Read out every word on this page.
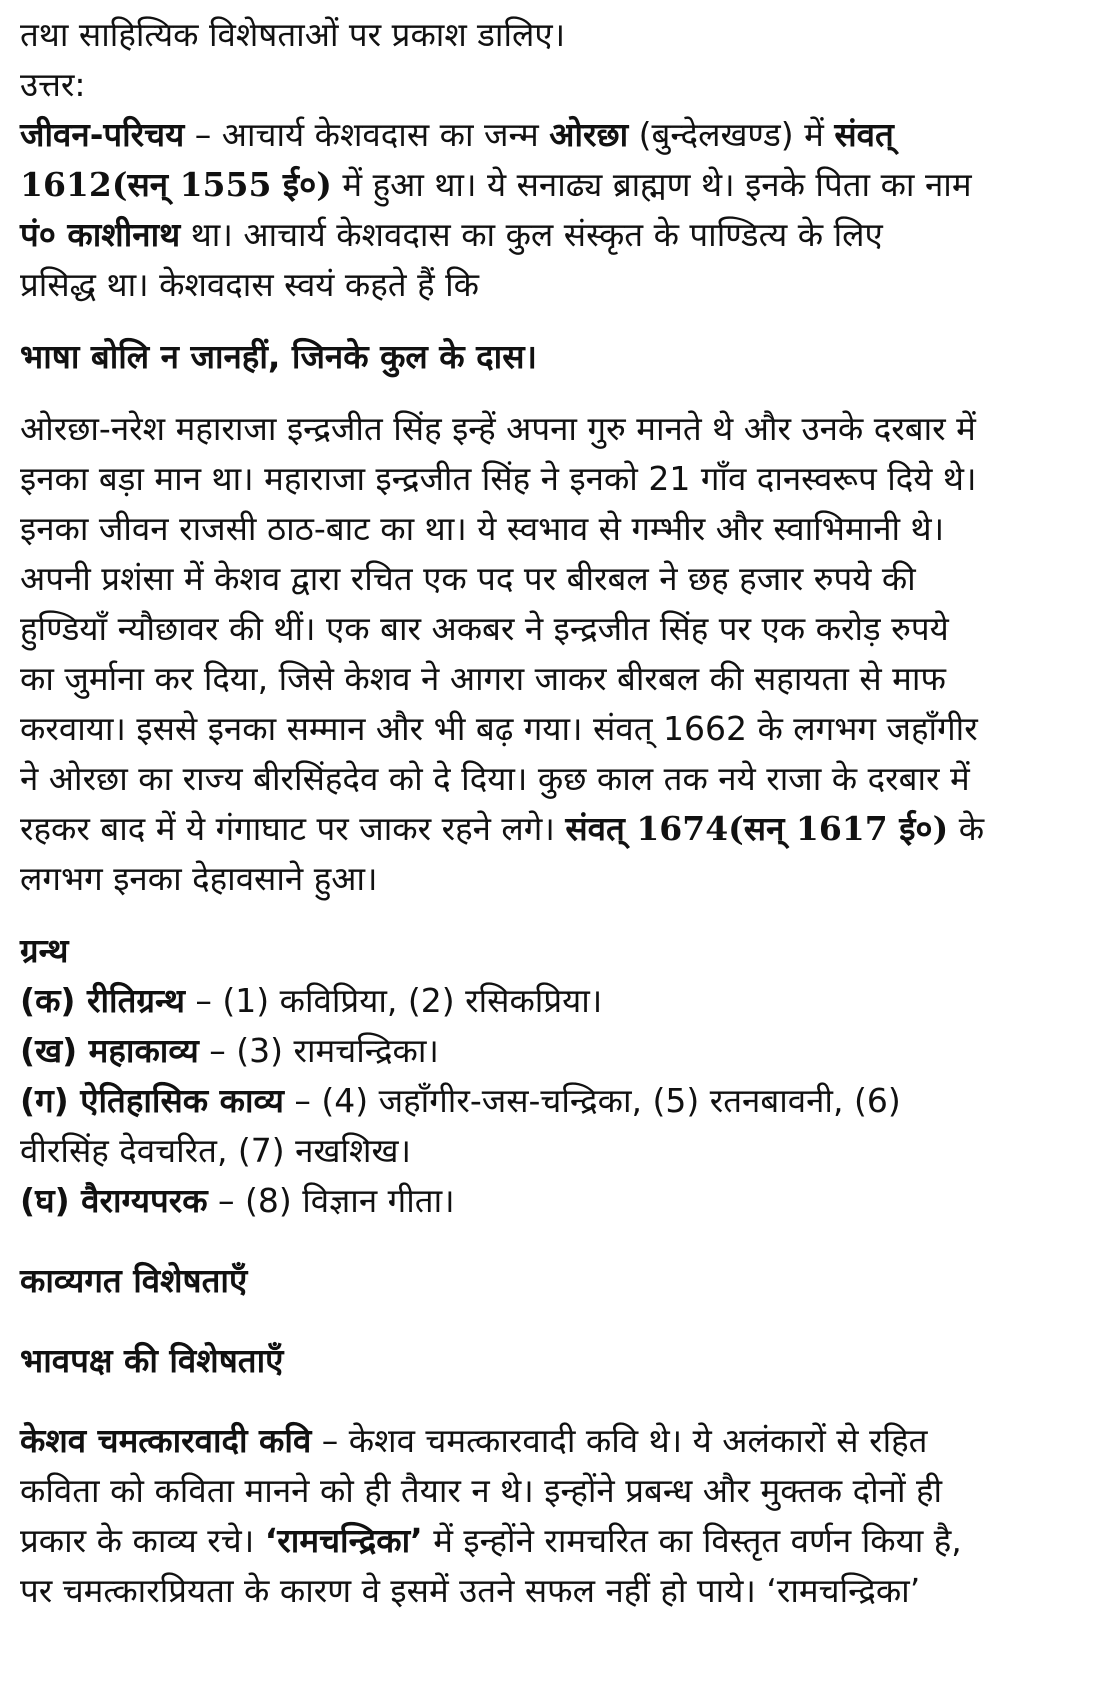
तथा साहित्यिक विशेषताओं पर प्रकाश डालिए।
उत्तर:
जीवन-परिचय – आचार्य केशवदास का जन्म ओरछा (बुन्देलखण्ड) में संवत्
1612(सन् 1555 ई०) में हुआ था। ये सनाढ्य ब्राह्मण थे। इनके पिता का नाम
पं० काशीनाथ था। आचार्य केशवदास का कुल संस्कृत के पाण्डित्य के लिए
प्रसिद्ध था। केशवदास स्वयं कहते हैं कि
भाषा बोलि न जानहीं, जिनके कुल के दास।
ओरछा-नरेश महाराजा इन्द्रजीत सिंह इन्हें अपना गुरु मानते थे और उनके दरबार में
इनका बड़ा मान था। महाराजा इन्द्रजीत सिंह ने इनको 21 गाँव दानस्वरूप दिये थे।
इनका जीवन राजसी ठाठ-बाट का था। ये स्वभाव से गम्भीर और स्वाभिमानी थे।
अपनी प्रशंसा में केशव द्वारा रचित एक पद पर बीरबल ने छह हजार रुपये की
हुण्डियाँ न्यौछावर की थीं। एक बार अकबर ने इन्द्रजीत सिंह पर एक करोड़ रुपये
का जुर्माना कर दिया, जिसे केशव ने आगरा जाकर बीरबल की सहायता से माफ
करवाया। इससे इनका सम्मान और भी बढ़ गया। संवत् 1662 के लगभग जहाँगीर
ने ओरछा का राज्य बीरसिंहदेव को दे दिया। कुछ काल तक नये राजा के दरबार में
रहकर बाद में ये गंगाघाट पर जाकर रहने लगे। संवत् 1674(सन् 1617 ई०) के
लगभग इनका देहावसाने हुआ।
ग्रन्थ
(क) रीतिग्रन्थ – (1) कविप्रिया, (2) रसिकप्रिया।
(ख) महाकाव्य – (3) रामचन्द्रिका।
(ग) ऐतिहासिक काव्य – (4) जहाँगीर-जस-चन्द्रिका, (5) रतनबावनी, (6)
वीरसिंह देवचरित, (7) नखशिख।
(घ) वैराग्यपरक – (8) विज्ञान गीता।
काव्यगत विशेषताएँ
भावपक्ष की विशेषताएँ
केशव चमत्कारवादी कवि – केशव चमत्कारवादी कवि थे। ये अलंकारों से रहित
कविता को कविता मानने को ही तैयार न थे। इन्होंने प्रबन्ध और मुक्तक दोनों ही
प्रकार के काव्य रचे। ‘रामचन्द्रिका’ में इन्होंने रामचरित का विस्तृत वर्णन किया है,
पर चमत्कारप्रियता के कारण वे इसमें उतने सफल नहीं हो पाये। ‘रामचन्द्रिका’
